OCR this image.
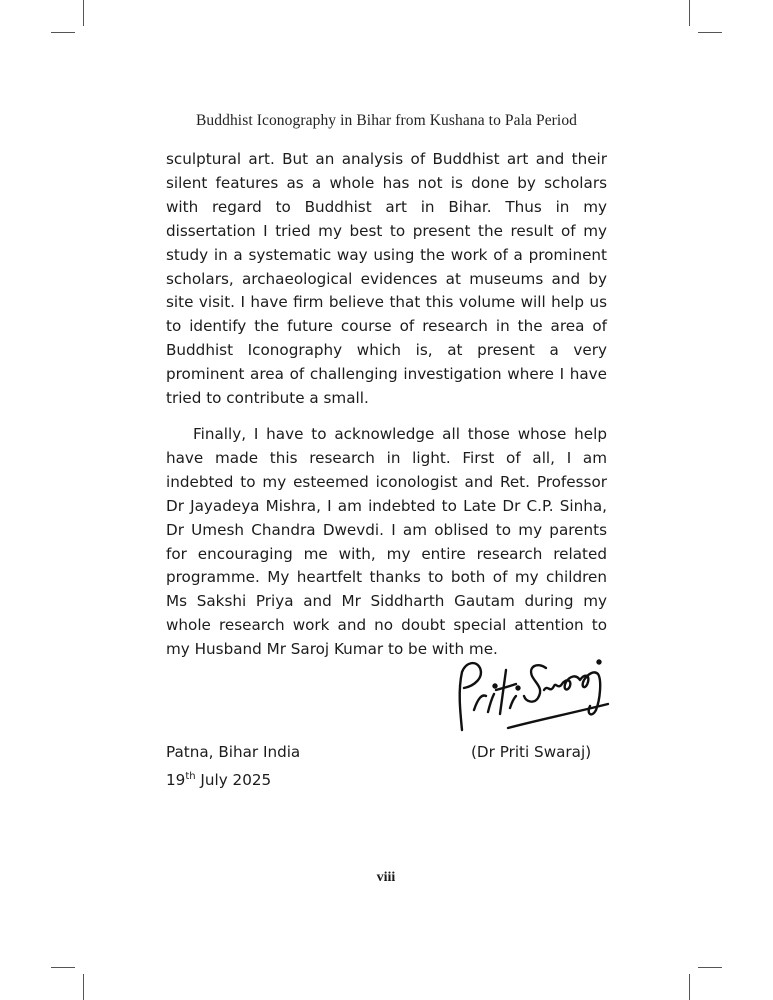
Buddhist Iconography in Bihar from Kushana to Pala Period

sculptural art. But an analysis of Buddhist art and their silent features as a whole has not is done by scholars with regard to Buddhist art in Bihar. Thus in my dissertation I tried my best to present the result of my study in a systematic way using the work of a prominent scholars, archaeological evidences at museums and by site visit. I have firm believe that this volume will help us to identify the future course of research in the area of Buddhist Iconography which is, at present a very prominent area of challenging investigation where I have tried to contribute a small.

Finally, I have to acknowledge all those whose help have made this research in light. First of all, I am indebted to my esteemed iconologist and Ret. Professor Dr Jayadeya Mishra, I am indebted to Late Dr C.P. Sinha, Dr Umesh Chandra Dwevdi. I am oblised to my parents for encouraging me with, my entire research related programme. My heartfelt thanks to both of my children Ms Sakshi Priya and Mr Siddharth Gautam during my whole research work and no doubt special attention to my Husband Mr Saroj Kumar to be with me.

Patna, Bihar India	(Dr Priti Swaraj)
19th July 2025
viii
